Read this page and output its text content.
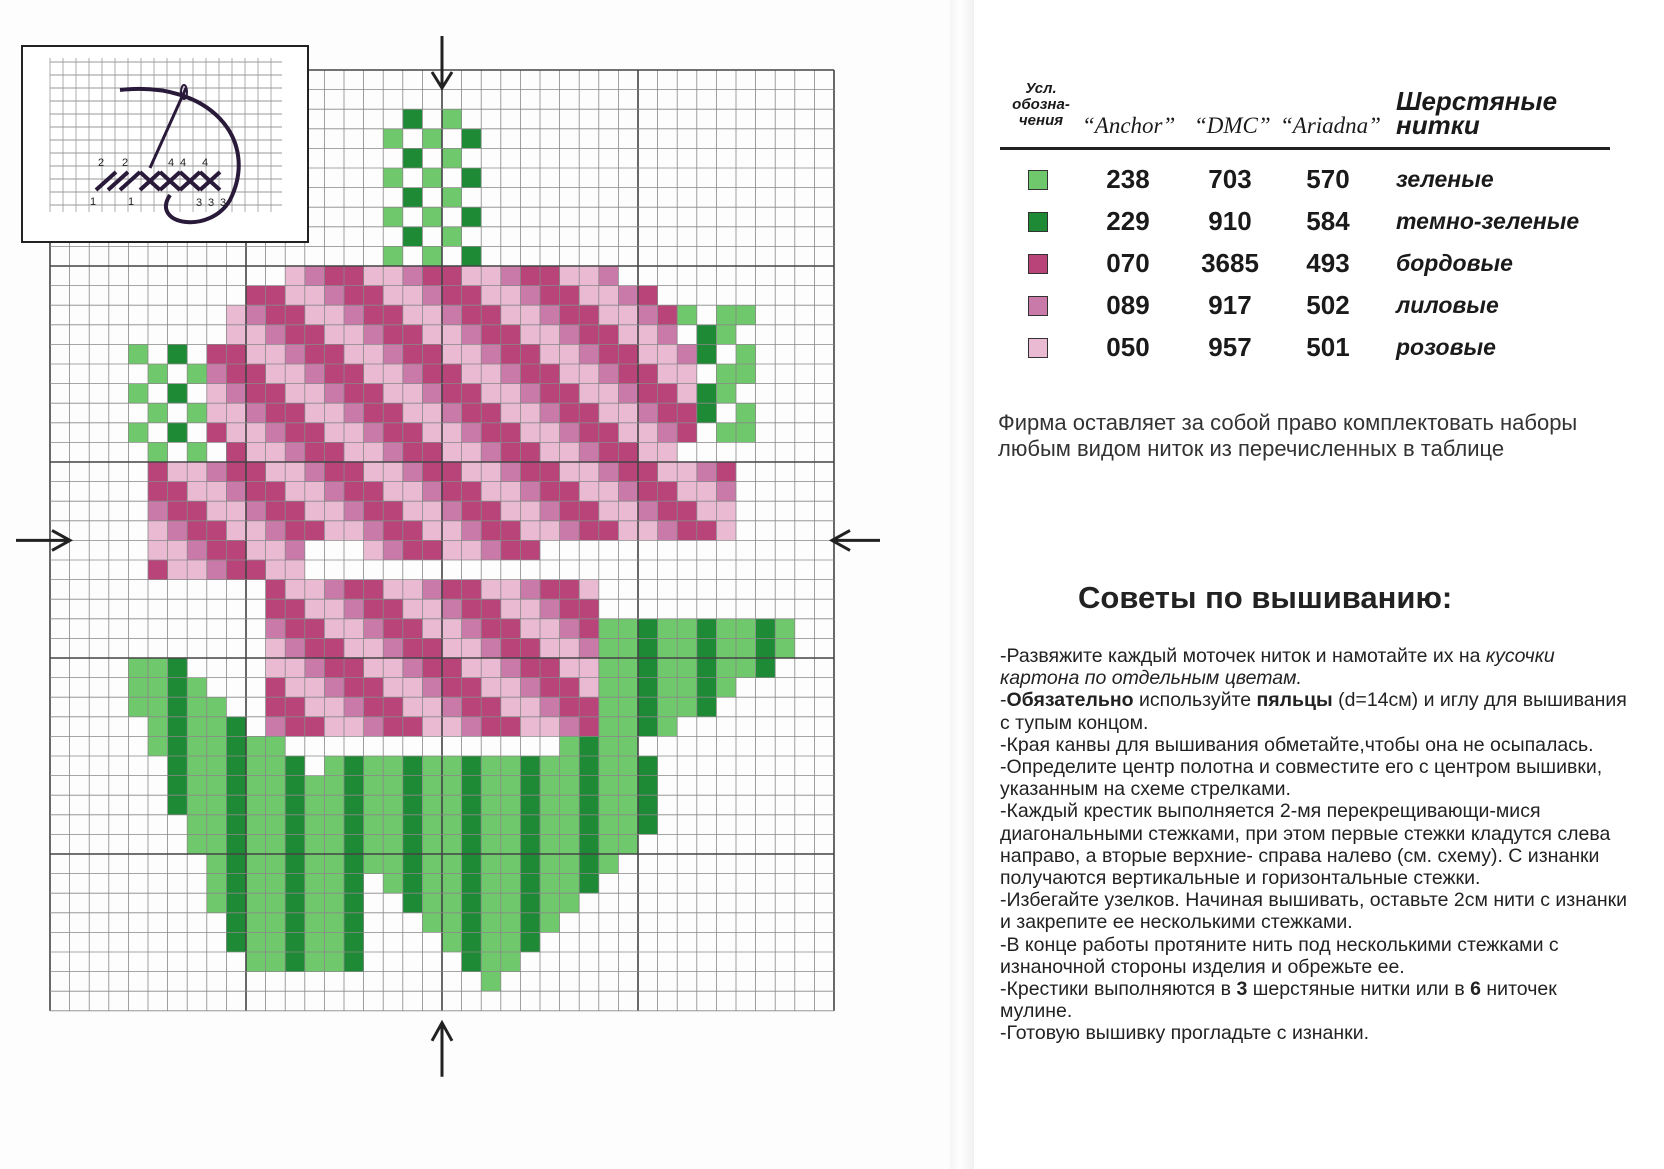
1	1
2
2
3 3 3
4 4 4
Усл. обозна- чения “Anchor” “DMC” “Ariadna”
Шерстяные нитки
238	703	570	зеленые
229	910	584	темно-зеленые
070	3685	493	бордовые
089	917	502	лиловые
050	957	501	розовые
Фирма оставляет за собой право комплектовать наборы любым видом ниток из перечисленных в таблице
Советы по вышиванию:

-Развяжите каждый моточек ниток и намотайте их на кусочки картона по отдельным цветам.

-Обязательно используйте пяльцы (d=14см) и иглу для вышивания с тупым концом.

-Края канвы для вышивания обметайте,чтобы она не осыпалась.

-Определите центр полотна и совместите его с центром вышивки, указанным на схеме стрелками.

-Каждый крестик выполняется 2-мя перекрещивающи-мися диагональными стежками, при этом первые стежки кладутся слева направо, а вторые верхние- справа налево (см. схему). С изнанки получаются вертикальные и горизонтальные стежки.

-Избегайте узелков. Начиная вышивать, оставьте 2см нити с изнанки и закрепите ее несколькими стежками.

-В конце работы протяните нить под несколькими стежками с изнаночной стороны изделия и обрежьте ее.

-Крестики выполняются в 3 шерстяные нитки или в 6 ниточек мулине.

-Готовую вышивку прогладьте с изнанки.
